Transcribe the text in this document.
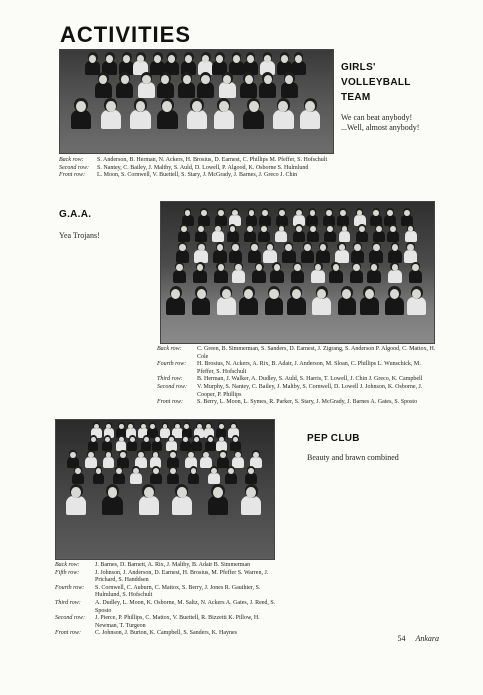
ACTIVITIES
GIRLS'
VOLLEYBALL
TEAM
We can beat anybody!
...Well, almost anybody!
Back row:	S. Anderson, B. Herman, N. Ackers, H. Brosius, D. Earnest, C. Phillips M. Pfeffer, S. Hofschult
Second row:	S. Nantey, C. Bailey, J. Maltby, S. Auld, D. Lowell, P. Algood, K. Osborne S. Hulmlund
Front row:	L. Moon, S. Cornwell, V. Buettell, S. Stary, J. McGrady, J. Barnes, J. Greco J. Chin
G.A.A.
Yea Trojans!
Back row:	C. Green, B. Simmerman, S. Sanders, D. Earnest, J. Zigrang, S. Anderson P. Algood, C. Mattox, H. Cole
Fourth row:	H. Brosius, N. Ackers, A. Rix, B. Adair, J. Anderson, M. Sloan, C. Phillips L. Wunschick, M. Pfeffer, S. Hofschult
Third row:	B. Herman, J. Walker, A. Dudley, S. Auld, S. Harris, T. Lowell, J. Chin J. Greco, K. Campbell
Second row:	V. Murphy, S. Nantey, C. Bailey, J. Maltby, S. Cornwell, D. Lowell J. Johnson, K. Osborne, J. Cooper, P. Phillips
Front row:	S. Berry, L. Moon, L. Symes, R. Parker, S. Stary, J. McGrady, J. Barnes A. Gates, S. Sposto
PEP CLUB
Beauty and brawn combined
Back row:	J. Barnes, D. Barnett, A. Rix, J. Maltby, B. Adair B. Simmerman
Fifth row:	J. Johnson, J. Anderson, D. Earnest, H. Brosius, M. Pfeffer S. Warren, J. Prichard, S. Handdsen
Fourth row:	S. Cornwell, C. Auburn, C. Mattox, S. Berry, J. Jones R. Gauthier, S. Hulmlund, S. Hofschult
Third row:	A. Dudley, L. Moon, K. Osborne, M. Saltz, N. Ackers A. Gates, J. Reed, S. Sposto
Second row:	J. Pierce, P. Phillips, C. Mattox, V. Buettell, R. Bizzetti K. Pillow, H. Newman, T. Turgeon
Front row:	C. Johnson, J. Burton, K. Campbell, S. Sanders, K. Haynes
54 Ankara
